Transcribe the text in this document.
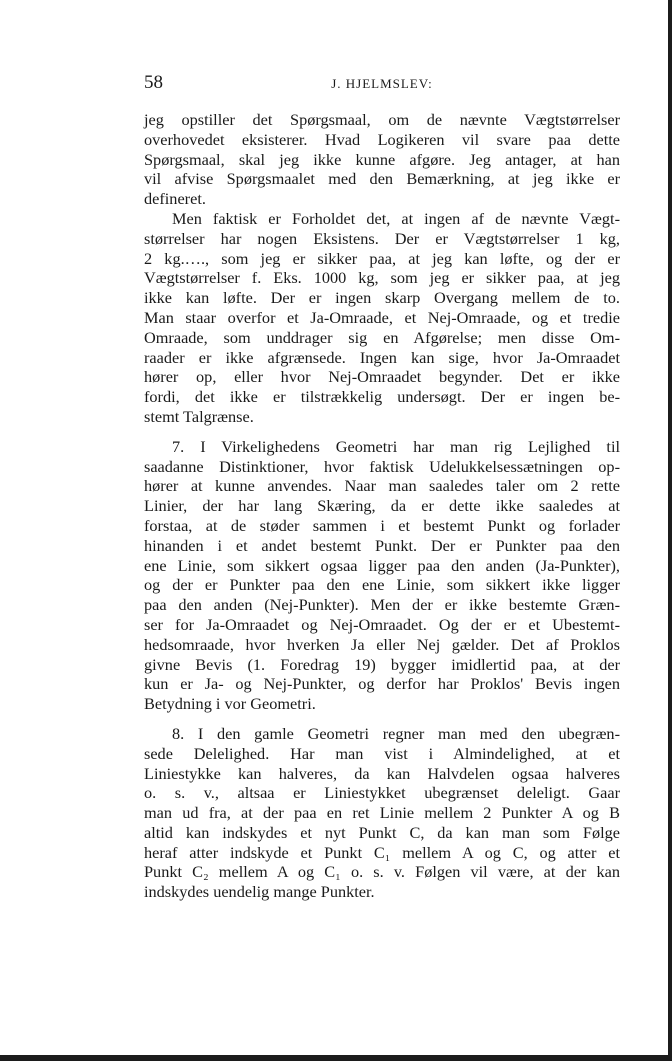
58	J. HJELMSLEV:
jeg opstiller det Spørgsmaal, om de nævnte Vægtstørrelser
overhovedet eksisterer. Hvad Logikeren vil svare paa dette
Spørgsmaal, skal jeg ikke kunne afgøre. Jeg antager, at han
vil afvise Spørgsmaalet med den Bemærkning, at jeg ikke er
defineret.
Men faktisk er Forholdet det, at ingen af de nævnte Vægt-
størrelser har nogen Eksistens. Der er Vægtstørrelser 1 kg,
2 kg.…., som jeg er sikker paa, at jeg kan løfte, og der er
Vægtstørrelser f. Eks. 1000 kg, som jeg er sikker paa, at jeg
ikke kan løfte. Der er ingen skarp Overgang mellem de to.
Man staar overfor et Ja-Omraade, et Nej-Omraade, og et tredie
Omraade, som unddrager sig en Afgørelse; men disse Om-
raader er ikke afgrænsede. Ingen kan sige, hvor Ja-Omraadet
hører op, eller hvor Nej-Omraadet begynder. Det er ikke
fordi, det ikke er tilstrækkelig undersøgt. Der er ingen be-
stemt Talgrænse.
7. I Virkelighedens Geometri har man rig Lejlighed til
saadanne Distinktioner, hvor faktisk Udelukkelsessætningen op-
hører at kunne anvendes. Naar man saaledes taler om 2 rette
Linier, der har lang Skæring, da er dette ikke saaledes at
forstaa, at de støder sammen i et bestemt Punkt og forlader
hinanden i et andet bestemt Punkt. Der er Punkter paa den
ene Linie, som sikkert ogsaa ligger paa den anden (Ja-Punkter),
og der er Punkter paa den ene Linie, som sikkert ikke ligger
paa den anden (Nej-Punkter). Men der er ikke bestemte Græn-
ser for Ja-Omraadet og Nej-Omraadet. Og der er et Ubestemt-
hedsomraade, hvor hverken Ja eller Nej gælder. Det af Proklos
givne Bevis (1. Foredrag 19) bygger imidlertid paa, at der
kun er Ja- og Nej-Punkter, og derfor har Proklos' Bevis ingen
Betydning i vor Geometri.
8. I den gamle Geometri regner man med den ubegræn-
sede Delelighed. Har man vist i Almindelighed, at et
Liniestykke kan halveres, da kan Halvdelen ogsaa halveres
o. s. v., altsaa er Liniestykket ubegrænset deleligt. Gaar
man ud fra, at der paa en ret Linie mellem 2 Punkter A og B
altid kan indskydes et nyt Punkt C, da kan man som Følge
heraf atter indskyde et Punkt C₁ mellem A og C, og atter et
Punkt C₂ mellem A og C₁ o. s. v. Følgen vil være, at der kan
indskydes uendelig mange Punkter.
